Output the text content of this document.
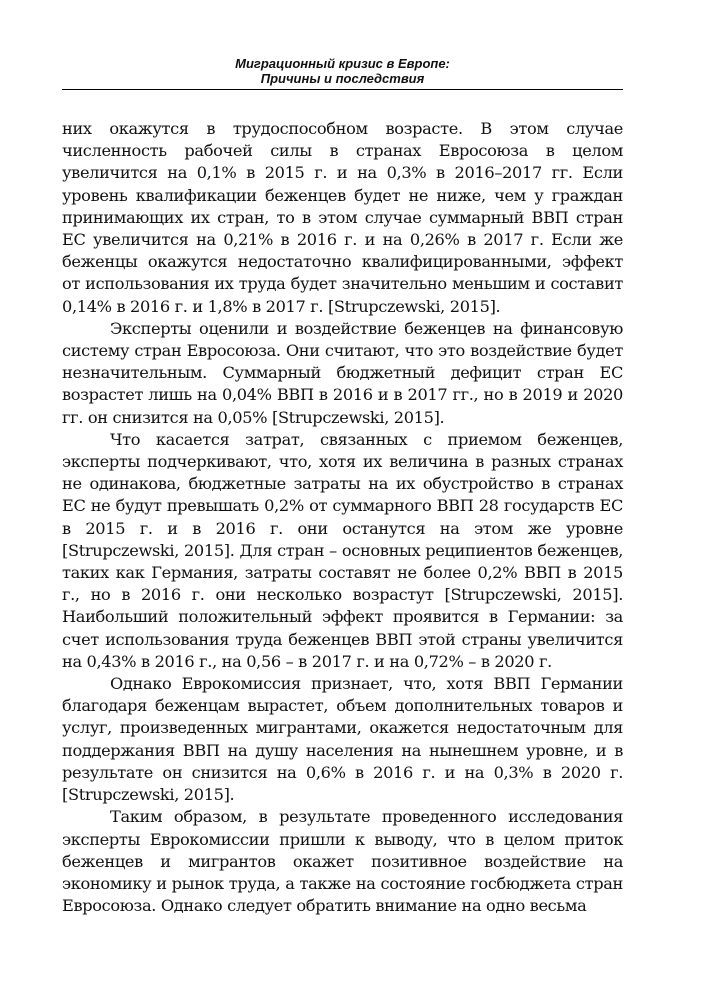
Миграционный кризис в Европе:
Причины и последствия

них окажутся в трудоспособном возрасте. В этом случае численность рабочей силы в странах Евросоюза в целом увеличится на 0,1% в 2015 г. и на 0,3% в 2016–2017 гг. Если уровень квалификации беженцев будет не ниже, чем у граждан принимающих их стран, то в этом случае суммарный ВВП стран ЕС увеличится на 0,21% в 2016 г. и на 0,26% в 2017 г. Если же беженцы окажутся недостаточно квалифицированными, эффект от использования их труда будет значительно меньшим и составит 0,14% в 2016 г. и 1,8% в 2017 г. [Strupczewski, 2015].

Эксперты оценили и воздействие беженцев на финансовую систему стран Евросоюза. Они считают, что это воздействие будет незначительным. Суммарный бюджетный дефицит стран ЕС возрастет лишь на 0,04% ВВП в 2016 и в 2017 гг., но в 2019 и 2020 гг. он снизится на 0,05% [Strupczewski, 2015].

Что касается затрат, связанных с приемом беженцев, эксперты подчеркивают, что, хотя их величина в разных странах не одинакова, бюджетные затраты на их обустройство в странах ЕС не будут превышать 0,2% от суммарного ВВП 28 государств ЕС в 2015 г. и в 2016 г. они останутся на этом же уровне [Strupczewski, 2015]. Для стран – основных реципиентов беженцев, таких как Германия, затраты составят не более 0,2% ВВП в 2015 г., но в 2016 г. они несколько возрастут [Strupczewski, 2015]. Наибольший положительный эффект проявится в Германии: за счет использования труда беженцев ВВП этой страны увеличится на 0,43% в 2016 г., на 0,56 – в 2017 г. и на 0,72% – в 2020 г.

Однако Еврокомиссия признает, что, хотя ВВП Германии благодаря беженцам вырастет, объем дополнительных товаров и услуг, произведенных мигрантами, окажется недостаточным для поддержания ВВП на душу населения на нынешнем уровне, и в результате он снизится на 0,6% в 2016 г. и на 0,3% в 2020 г. [Strupczewski, 2015].

Таким образом, в результате проведенного исследования эксперты Еврокомиссии пришли к выводу, что в целом приток беженцев и мигрантов окажет позитивное воздействие на экономику и рынок труда, а также на состояние госбюджета стран Евросоюза. Однако следует обратить внимание на одно весьма
